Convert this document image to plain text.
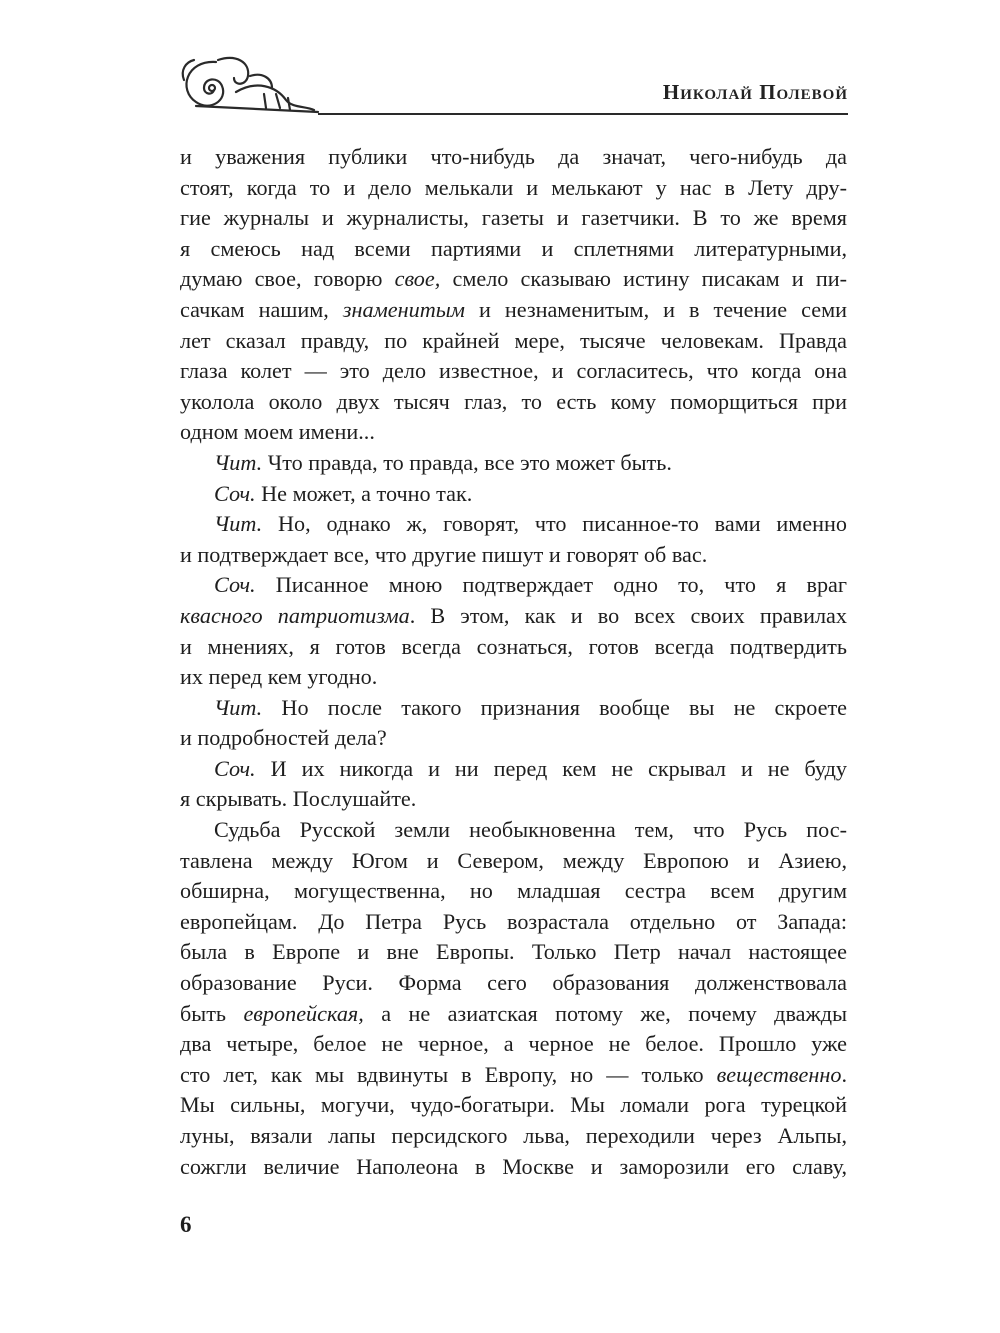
Николай Полевой
и уважения публики что-нибудь да значат, чего-нибудь да
стоят, когда то и дело мелькали и мелькают у нас в Лету дру-
гие журналы и журналисты, газеты и газетчики. В то же время
я смеюсь над всеми партиями и сплетнями литературными,
думаю свое, говорю свое, смело сказываю истину писакам и пи-
сачкам нашим, знаменитым и незнаменитым, и в течение семи
лет сказал правду, по крайней мере, тысяче человекам. Правда
глаза колет — это дело известное, и согласитесь, что когда она
уколола около двух тысяч глаз, то есть кому поморщиться при
одном моем имени...
Чит. Что правда, то правда, все это может быть.
Соч. Не может, а точно так.
Чит. Но, однако ж, говорят, что писанное-то вами именно
и подтверждает все, что другие пишут и говорят об вас.
Соч. Писанное мною подтверждает одно то, что я враг
квасного патриотизма. В этом, как и во всех своих правилах
и мнениях, я готов всегда сознаться, готов всегда подтвердить
их перед кем угодно.
Чит. Но после такого признания вообще вы не скроете
и подробностей дела?
Соч. И их никогда и ни перед кем не скрывал и не буду
я скрывать. Послушайте.
Судьба Русской земли необыкновенна тем, что Русь пос-
тавлена между Югом и Севером, между Европою и Азиею,
обширна, могущественна, но младшая сестра всем другим
европейцам. До Петра Русь возрастала отдельно от Запада:
была в Европе и вне Европы. Только Петр начал настоящее
образование Руси. Форма сего образования долженствовала
быть европейская, а не азиатская потому же, почему дважды
два четыре, белое не черное, а черное не белое. Прошло уже
сто лет, как мы вдвинуты в Европу, но — только вещественно.
Мы сильны, могучи, чудо-богатыри. Мы ломали рога турецкой
луны, вязали лапы персидского льва, переходили через Альпы,
сожгли величие Наполеона в Москве и заморозили его славу,
6
